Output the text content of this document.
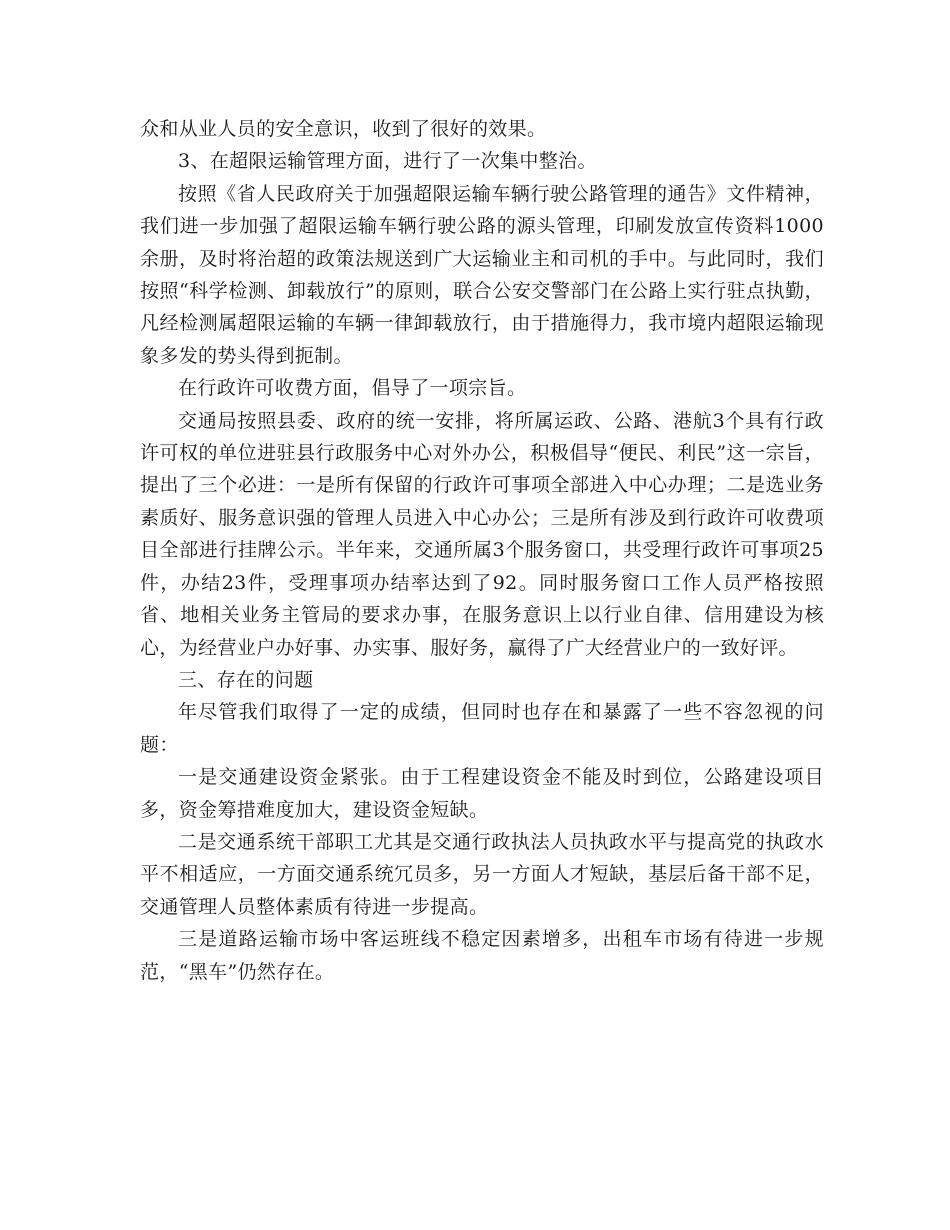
众和从业人员的安全意识，收到了很好的效果。

3、在超限运输管理方面，进行了一次集中整治。

按照《省人民政府关于加强超限运输车辆行驶公路管理的通告》文件精神，我们进一步加强了超限运输车辆行驶公路的源头管理，印刷发放宣传资料1000余册，及时将治超的政策法规送到广大运输业主和司机的手中。与此同时，我们按照“科学检测、卸载放行”的原则，联合公安交警部门在公路上实行驻点执勤，凡经检测属超限运输的车辆一律卸载放行，由于措施得力，我市境内超限运输现象多发的势头得到扼制。

在行政许可收费方面，倡导了一项宗旨。

交通局按照县委、政府的统一安排，将所属运政、公路、港航3个具有行政许可权的单位进驻县行政服务中心对外办公，积极倡导“便民、利民”这一宗旨，提出了三个必进：一是所有保留的行政许可事项全部进入中心办理；二是选业务素质好、服务意识强的管理人员进入中心办公；三是所有涉及到行政许可收费项目全部进行挂牌公示。半年来，交通所属3个服务窗口，共受理行政许可事项25件，办结23件，受理事项办结率达到了92。同时服务窗口工作人员严格按照省、地相关业务主管局的要求办事，在服务意识上以行业自律、信用建设为核心，为经营业户办好事、办实事、服好务，赢得了广大经营业户的一致好评。

三、存在的问题

年尽管我们取得了一定的成绩，但同时也存在和暴露了一些不容忽视的问题：

一是交通建设资金紧张。由于工程建设资金不能及时到位，公路建设项目多，资金筹措难度加大，建设资金短缺。

二是交通系统干部职工尤其是交通行政执法人员执政水平与提高党的执政水平不相适应，一方面交通系统冗员多，另一方面人才短缺，基层后备干部不足，交通管理人员整体素质有待进一步提高。

三是道路运输市场中客运班线不稳定因素增多，出租车市场有待进一步规范，“黑车”仍然存在。
